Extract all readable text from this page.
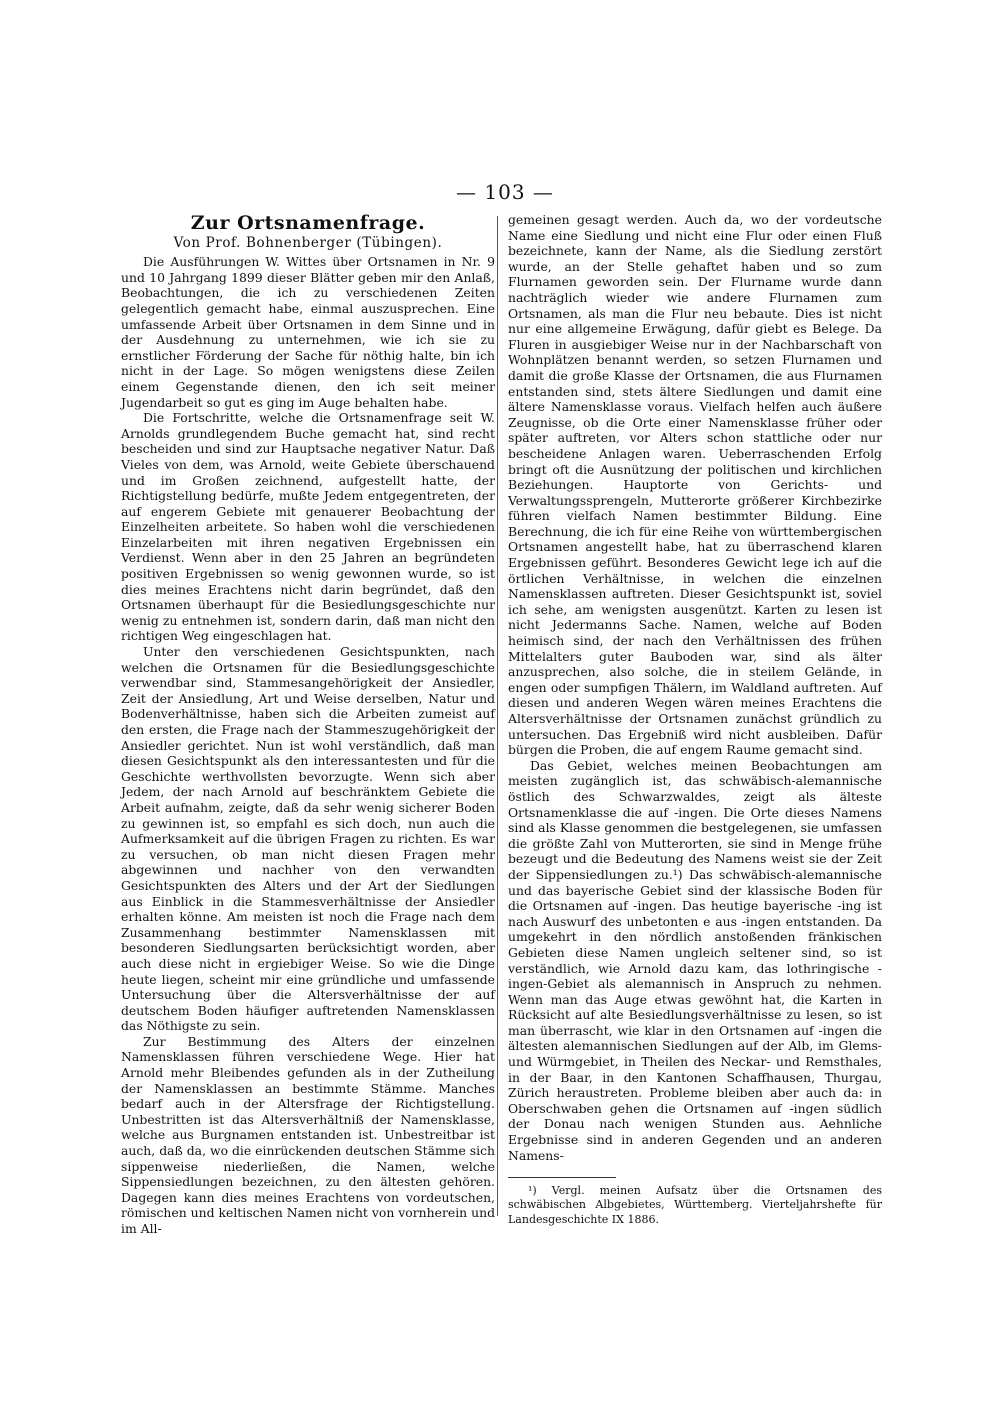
— 103 —
Zur Ortsnamenfrage.
Von Prof. Bohnenberger (Tübingen).

Die Ausführungen W. Wittes über Ortsnamen in Nr. 9 und 10 Jahrgang 1899 dieser Blätter geben mir den Anlaß, Beobachtungen, die ich zu verschiedenen Zeiten gelegentlich gemacht habe, einmal auszusprechen. Eine umfassende Arbeit über Ortsnamen in dem Sinne und in der Ausdehnung zu unternehmen, wie ich sie zu ernstlicher Förderung der Sache für nöthig halte, bin ich nicht in der Lage. So mögen wenigstens diese Zeilen einem Gegenstande dienen, den ich seit meiner Jugendarbeit so gut es ging im Auge behalten habe.

Die Fortschritte, welche die Ortsnamenfrage seit W. Arnolds grundlegendem Buche gemacht hat, sind recht bescheiden und sind zur Hauptsache negativer Natur. Daß Vieles von dem, was Arnold, weite Gebiete überschauend und im Großen zeichnend, aufgestellt hatte, der Richtigstellung bedürfe, mußte Jedem entgegentreten, der auf engerem Gebiete mit genauerer Beobachtung der Einzelheiten arbeitete. So haben wohl die verschiedenen Einzelarbeiten mit ihren negativen Ergebnissen ein Verdienst. Wenn aber in den 25 Jahren an begründeten positiven Ergebnissen so wenig gewonnen wurde, so ist dies meines Erachtens nicht darin begründet, daß den Ortsnamen überhaupt für die Besiedlungsgeschichte nur wenig zu entnehmen ist, sondern darin, daß man nicht den richtigen Weg eingeschlagen hat.

Unter den verschiedenen Gesichtspunkten, nach welchen die Ortsnamen für die Besiedlungsgeschichte verwendbar sind, Stammesangehörigkeit der Ansiedler, Zeit der Ansiedlung, Art und Weise derselben, Natur und Bodenverhältnisse, haben sich die Arbeiten zumeist auf den ersten, die Frage nach der Stammeszugehörigkeit der Ansiedler gerichtet. Nun ist wohl verständlich, daß man diesen Gesichtspunkt als den interessantesten und für die Geschichte werthvollsten bevorzugte. Wenn sich aber Jedem, der nach Arnold auf beschränktem Gebiete die Arbeit aufnahm, zeigte, daß da sehr wenig sicherer Boden zu gewinnen ist, so empfahl es sich doch, nun auch die Aufmerksamkeit auf die übrigen Fragen zu richten. Es war zu versuchen, ob man nicht diesen Fragen mehr abgewinnen und nachher von den verwandten Gesichtspunkten des Alters und der Art der Siedlungen aus Einblick in die Stammesverhältnisse der Ansiedler erhalten könne. Am meisten ist noch die Frage nach dem Zusammenhang bestimmter Namensklassen mit besonderen Siedlungsarten berücksichtigt worden, aber auch diese nicht in ergiebiger Weise. So wie die Dinge heute liegen, scheint mir eine gründliche und umfassende Untersuchung über die Altersverhältnisse der auf deutschem Boden häufiger auftretenden Namensklassen das Nöthigste zu sein.

Zur Bestimmung des Alters der einzelnen Namensklassen führen verschiedene Wege. Hier hat Arnold mehr Bleibendes gefunden als in der Zutheilung der Namensklassen an bestimmte Stämme. Manches bedarf auch in der Altersfrage der Richtigstellung. Unbestritten ist das Altersverhältniß der Namensklasse, welche aus Burgnamen entstanden ist. Unbestreitbar ist auch, daß da, wo die einrückenden deutschen Stämme sich sippenweise niederließen, die Namen, welche Sippensiedlungen bezeichnen, zu den ältesten gehören. Dagegen kann dies meines Erachtens von vordeutschen, römischen und keltischen Namen nicht von vornherein und im All-

gemeinen gesagt werden. Auch da, wo der vordeutsche Name eine Siedlung und nicht eine Flur oder einen Fluß bezeichnete, kann der Name, als die Siedlung zerstört wurde, an der Stelle gehaftet haben und so zum Flurnamen geworden sein. Der Flurname wurde dann nachträglich wieder wie andere Flurnamen zum Ortsnamen, als man die Flur neu bebaute. Dies ist nicht nur eine allgemeine Erwägung, dafür giebt es Belege. Da Fluren in ausgiebiger Weise nur in der Nachbarschaft von Wohnplätzen benannt werden, so setzen Flurnamen und damit die große Klasse der Ortsnamen, die aus Flurnamen entstanden sind, stets ältere Siedlungen und damit eine ältere Namensklasse voraus. Vielfach helfen auch äußere Zeugnisse, ob die Orte einer Namensklasse früher oder später auftreten, vor Alters schon stattliche oder nur bescheidene Anlagen waren. Ueberraschenden Erfolg bringt oft die Ausnützung der politischen und kirchlichen Beziehungen. Hauptorte von Gerichts- und Verwaltungssprengeln, Mutterorte größerer Kirchbezirke führen vielfach Namen bestimmter Bildung. Eine Berechnung, die ich für eine Reihe von württembergischen Ortsnamen angestellt habe, hat zu überraschend klaren Ergebnissen geführt. Besonderes Gewicht lege ich auf die örtlichen Verhältnisse, in welchen die einzelnen Namensklassen auftreten. Dieser Gesichtspunkt ist, soviel ich sehe, am wenigsten ausgenützt. Karten zu lesen ist nicht Jedermanns Sache. Namen, welche auf Boden heimisch sind, der nach den Verhältnissen des frühen Mittelalters guter Bauboden war, sind als älter anzusprechen, also solche, die in steilem Gelände, in engen oder sumpfigen Thälern, im Waldland auftreten. Auf diesen und anderen Wegen wären meines Erachtens die Altersverhältnisse der Ortsnamen zunächst gründlich zu untersuchen. Das Ergebniß wird nicht ausbleiben. Dafür bürgen die Proben, die auf engem Raume gemacht sind.

Das Gebiet, welches meinen Beobachtungen am meisten zugänglich ist, das schwäbisch-alemannische östlich des Schwarzwaldes, zeigt als älteste Ortsnamenklasse die auf -ingen. Die Orte dieses Namens sind als Klasse genommen die bestgelegenen, sie umfassen die größte Zahl von Mutterorten, sie sind in Menge frühe bezeugt und die Bedeutung des Namens weist sie der Zeit der Sippensiedlungen zu.¹) Das schwäbisch-alemannische und das bayerische Gebiet sind der klassische Boden für die Ortsnamen auf -ingen. Das heutige bayerische -ing ist nach Auswurf des unbetonten e aus -ingen entstanden. Da umgekehrt in den nördlich anstoßenden fränkischen Gebieten diese Namen ungleich seltener sind, so ist verständlich, wie Arnold dazu kam, das lothringische -ingen-Gebiet als alemannisch in Anspruch zu nehmen. Wenn man das Auge etwas gewöhnt hat, die Karten in Rücksicht auf alte Besiedlungsverhältnisse zu lesen, so ist man überrascht, wie klar in den Ortsnamen auf -ingen die ältesten alemannischen Siedlungen auf der Alb, im Glems- und Würmgebiet, in Theilen des Neckar- und Remsthales, in der Baar, in den Kantonen Schaffhausen, Thurgau, Zürich heraustreten. Probleme bleiben aber auch da: in Oberschwaben gehen die Ortsnamen auf -ingen südlich der Donau nach wenigen Stunden aus. Aehnliche Ergebnisse sind in anderen Gegenden und an anderen Namens-

¹) Vergl. meinen Aufsatz über die Ortsnamen des schwäbischen Albgebietes, Württemberg. Vierteljahrshefte für Landesgeschichte IX 1886.
